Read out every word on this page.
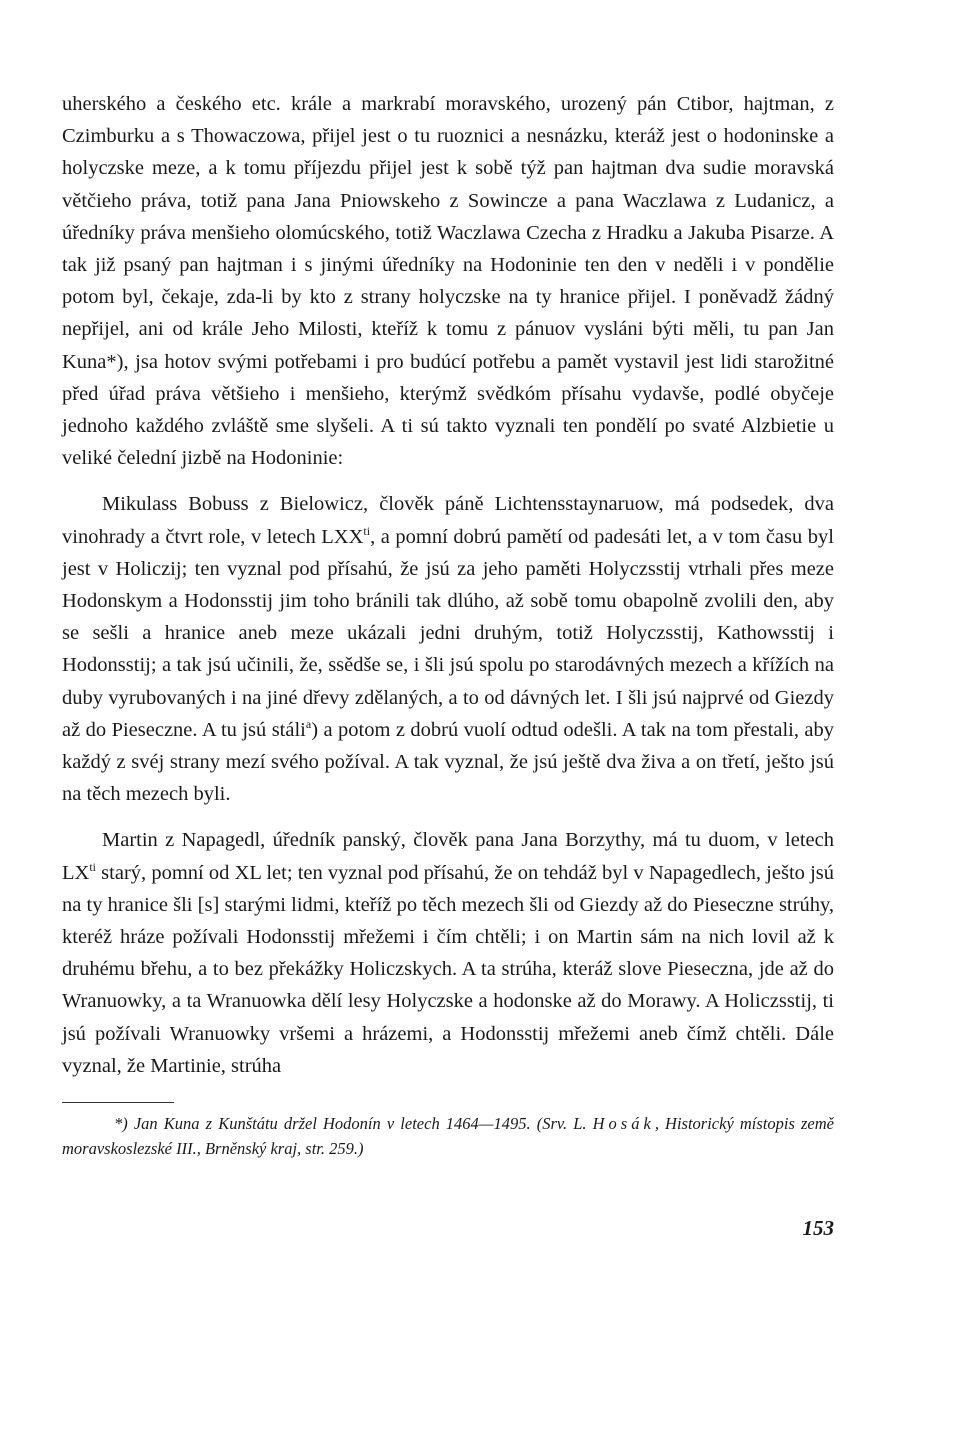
uherského a českého etc. krále a markrabí moravského, urozený pán Ctibor, hajtman, z Czimburku a s Thowaczowa, přijel jest o tu ruoznici a nesnázku, kteráž jest o hodoninske a holyczske meze, a k tomu příjezdu přijel jest k sobě týž pan hajtman dva sudie moravská větčieho práva, totiž pana Jana Pniowskeho z Sowincze a pana Waczlawa z Ludanicz, a úředníky práva menšieho olomúcského, totiž Waczlawa Czecha z Hradku a Jakuba Pisarze. A tak již psaný pan hajtman i s jinými úředníky na Hodoninie ten den v neděli i v pondělie potom byl, čekaje, zda-li by kto z strany holyczske na ty hranice přijel. I poněvadž žádný nepřijel, ani od krále Jeho Milosti, kteříž k tomu z pánuov vysláni býti měli, tu pan Jan Kuna*), jsa hotov svými potřebami i pro budúcí potřebu a pamět vystavil jest lidi starožitné před úřad práva většieho i menšieho, kterýmž svědkóm přísahu vydavše, podlé obyčeje jednoho každého zvláště sme slyšeli. A ti sú takto vyznali ten pondělí po svaté Alzbietie u veliké čelední jizbě na Hodoninie:

Mikulass Bobuss z Bielowicz, člověk páně Lichtensstaynaruow, má podsedek, dva vinohrady a čtvrt role, v letech $LXX^{ti}$, a pomní dobrú pamětí od padesáti let, a v tom času byl jest v Holiczij; ten vyznal pod přísahú, že jsú za jeho paměti Holyczsstij vtrhali přes meze Hodonskym a Hodonsstij jim toho bránili tak dlúho, až sobě tomu obapolně zvolili den, aby se sešli a hranice aneb meze ukázali jedni druhým, totiž Holyczsstij, Kathowsstij i Hodonsstij; a tak jsú učinili, že, ssědše se, i šli jsú spolu po starodávných mezech a křížích na duby vyrubovaných i na jiné dřevy zdělaných, a to od dávných let. I šli jsú najprvé od Giezdy až do Pieseczne. A tu jsú stáli$^a$) a potom z dobrú vuolí odtud odešli. A tak na tom přestali, aby každý z svéj strany mezí svého požíval. A tak vyznal, že jsú ještě dva živa a on třetí, ješto jsú na těch mezech byli.

Martin z Napagedl, úředník panský, člověk pana Jana Borzythy, má tu duom, v letech $LX^{ti}$ starý, pomní od XL let; ten vyznal pod přísahú, že on tehdáž byl v Napagedlech, ješto jsú na ty hranice šli [s] starými lidmi, kteříž po těch mezech šli od Giezdy až do Pieseczne strúhy, kteréž hráze požívali Hodonsstij mřežemi i čím chtěli; i on Martin sám na nich lovil až k druhému břehu, a to bez překážky Holiczskych. A ta strúha, kteráž slove Pieseczna, jde až do Wranuowky, a ta Wranuowka dělí lesy Holyczske a hodonske až do Morawy. A Holiczsstij, ti jsú požívali Wranuowky vršemi a hrázemi, a Hodonsstij mřežemi aneb čímž chtěli. Dále vyznal, že Martinie, strúha

*) Jan Kuna z Kunštátu držel Hodonín v letech 1464—1495. (Srv. L. Hosák, Historický místopis země moravskoslezské III., Brněnský kraj, str. 259.)

153
